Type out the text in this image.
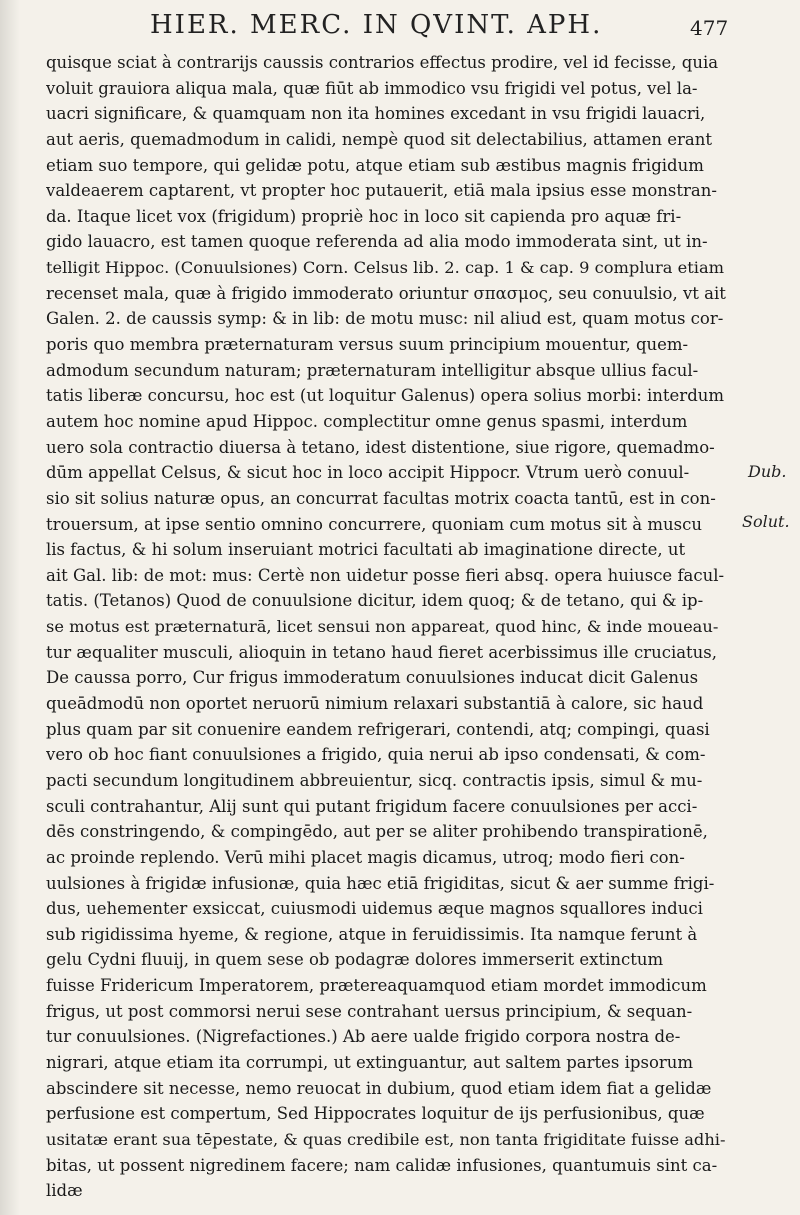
HIER. MERC. IN QVINT. APH.	477
quisque sciat à contrarijs caussis contrarios effectus prodire, vel id fecisse, quia
voluit grauiora aliqua mala, quæ fiūt ab immodico vsu frigidi vel potus, vel la-
uacri significare, & quamquam non ita homines excedant in vsu frigidi lauacri,
aut aeris, quemadmodum in calidi, nempè quod sit delectabilius, attamen erant
etiam suo tempore, qui gelidæ potu, atque etiam sub æstibus magnis frigidum
valdeaerem captarent, vt propter hoc putauerit, etiā mala ipsius esse monstran-
da. Itaque licet vox (frigidum) propriè hoc in loco sit capienda pro aquæ fri-
gido lauacro, est tamen quoque referenda ad alia modo immoderata sint, ut in-
telligit Hippoc. (Conuulsiones) Corn. Celsus lib. 2. cap. 1 & cap. 9 complura etiam
recenset mala, quæ à frigido immoderato oriuntur σπασμος, seu conuulsio, vt ait
Galen. 2. de caussis symp: & in lib: de motu musc: nil aliud est, quam motus cor-
poris quo membra præternaturam versus suum principium mouentur, quem-
admodum secundum naturam; præternaturam intelligitur absque ullius facul-
tatis liberæ concursu, hoc est (ut loquitur Galenus) opera solius morbi: interdum
autem hoc nomine apud Hippoc. complectitur omne genus spasmi, interdum
uero sola contractio diuersa à tetano, idest distentione, siue rigore, quemadmo-
dūm appellat Celsus, & sicut hoc in loco accipit Hippocr. Vtrum uerò conuul-
sio sit solius naturæ opus, an concurrat facultas motrix coacta tantū, est in con-
trouersum, at ipse sentio omnino concurrere, quoniam cum motus sit à muscu
lis factus, & hi solum inseruiant motrici facultati ab imaginatione directe, ut
ait Gal. lib: de mot: mus: Certè non uidetur posse fieri absq. opera huiusce facul-
tatis. (Tetanos) Quod de conuulsione dicitur, idem quoq; & de tetano, qui & ip-
se motus est præternaturā, licet sensui non appareat, quod hinc, & inde moueau-
tur æqualiter musculi, alioquin in tetano haud fieret acerbissimus ille cruciatus,
De caussa porro, Cur frigus immoderatum conuulsiones inducat dicit Galenus
queādmodū non oportet neruorū nimium relaxari substantiā à calore, sic haud
plus quam par sit conuenire eandem refrigerari, contendi, atq; compingi, quasi
vero ob hoc fiant conuulsiones a frigido, quia nerui ab ipso condensati, & com-
pacti secundum longitudinem abbreuientur, sicq. contractis ipsis, simul & mu-
sculi contrahantur, Alij sunt qui putant frigidum facere conuulsiones per acci-
dēs constringendo, & compingēdo, aut per se aliter prohibendo transpirationē,
ac proinde replendo. Verū mihi placet magis dicamus, utroq; modo fieri con-
uulsiones à frigidæ infusionæ, quia hæc etiā frigiditas, sicut & aer summe frigi-
dus, uehementer exsiccat, cuiusmodi uidemus æque magnos squallores induci
sub rigidissima hyeme, & regione, atque in feruidissimis. Ita namque ferunt à
gelu Cydni fluuij, in quem sese ob podagræ dolores immerserit extinctum
fuisse Fridericum Imperatorem, prætereaquamquod etiam mordet immodicum
frigus, ut post commorsi nerui sese contrahant uersus principium, & sequan-
tur conuulsiones. (Nigrefactiones.) Ab aere ualde frigido corpora nostra de-
nigrari, atque etiam ita corrumpi, ut extinguantur, aut saltem partes ipsorum
abscindere sit necesse, nemo reuocat in dubium, quod etiam idem fiat a gelidæ
perfusione est compertum, Sed Hippocrates loquitur de ijs perfusionibus, quæ
usitatæ erant sua tēpestate, & quas credibile est, non tanta frigiditate fuisse adhi-
bitas, ut possent nigredinem facere; nam calidæ infusiones, quantumuis sint ca-
lidæ
Dub.
Solut.
